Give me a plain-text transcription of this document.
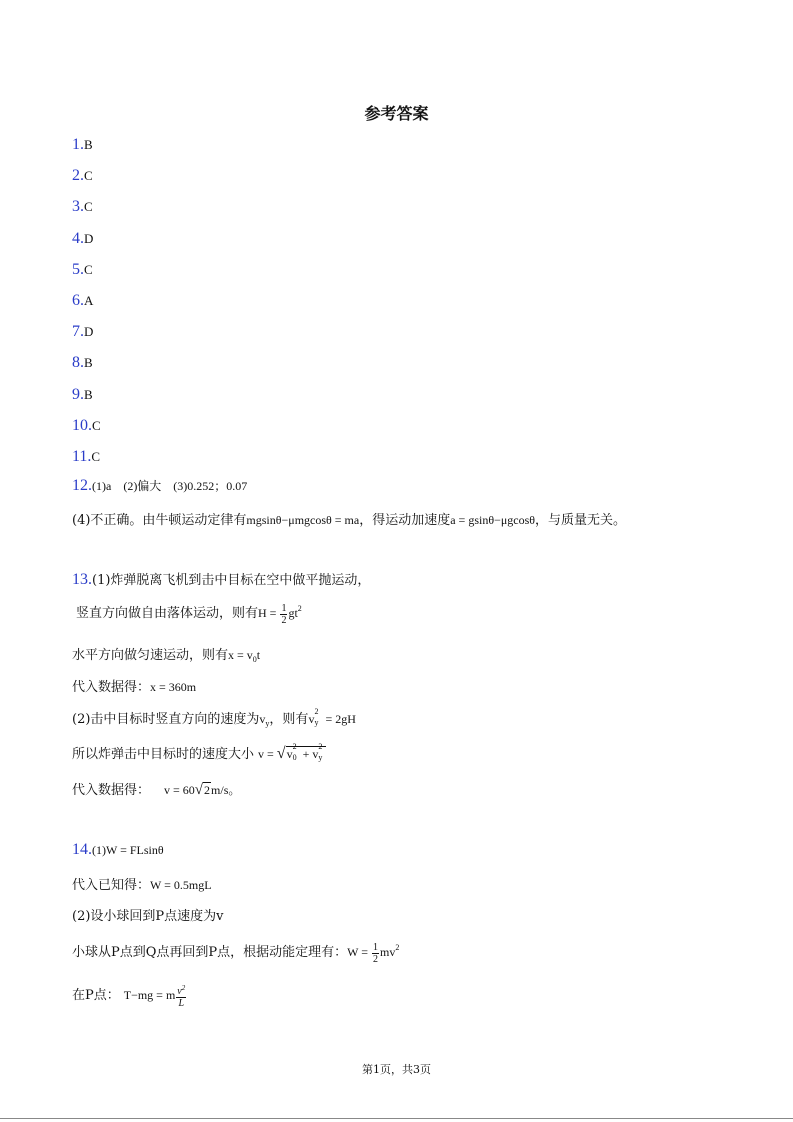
参考答案
1.B
2.C
3.C
4.D
5.C
6.A
7.D
8.B
9.B
10.C
11.C
12.(1)a　(2)偏大　(3)0.252；0.07
(4)不正确。由牛顿运动定律有mgsinθ−μmgcosθ = ma，得运动加速度a = gsinθ−μgcosθ，与质量无关。
13.(1)炸弹脱离飞机到击中目标在空中做平抛运动，
竖直方向做自由落体运动，则有$H = \frac{1}{2} gt^2$
水平方向做匀速运动，则有$x = v_0t$
代入数据得：x = 360m
(2)击中目标时竖直方向的速度为$v_y$，则有v
2
y = 2gH
所以炸弹击中目标时的速度大小 v = √v
2
0 + v
2
y
代入数据得： v = 60√2m/s。
14.(1)W = FLsinθ
代入已知得：W = 0.5mgL
(2)设小球回到P点速度为v
小球从P点到Q点再回到P点，根据动能定理有：$W = \frac{1}{2} mv^2$
在P点： T−mg = m $\frac{v^2}{L}$
第1页，共3页
